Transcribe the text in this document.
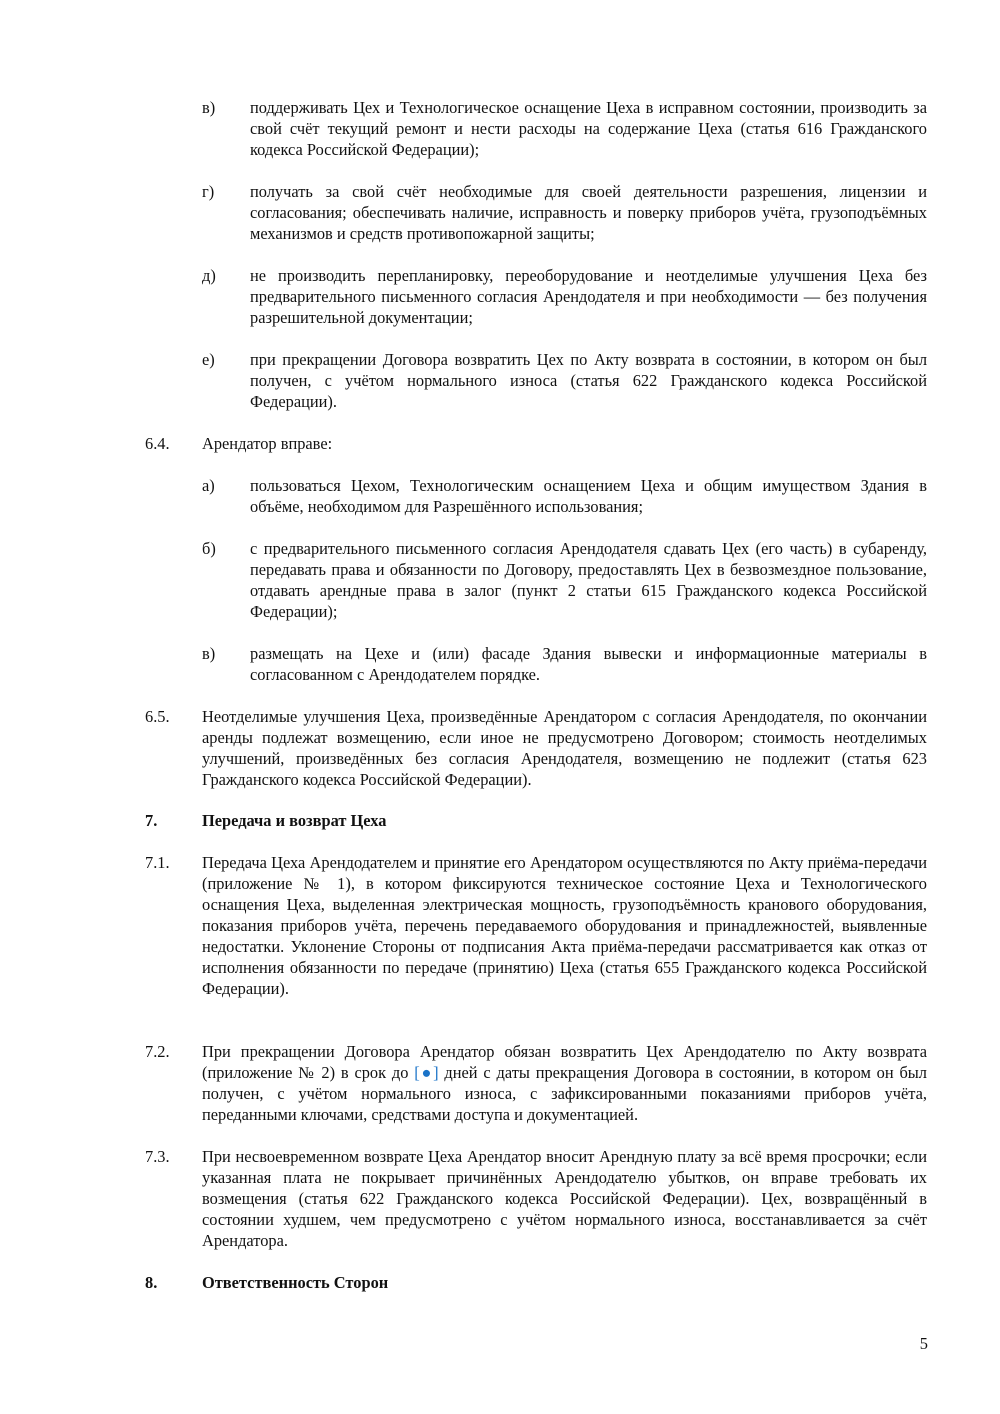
в)	поддерживать Цех и Технологическое оснащение Цеха в исправном состоянии, производить за свой счёт текущий ремонт и нести расходы на содержание Цеха (статья 616 Гражданского кодекса Российской Федерации);
г)	получать за свой счёт необходимые для своей деятельности разрешения, лицензии и согласования; обеспечивать наличие, исправность и поверку приборов учёта, грузоподъёмных механизмов и средств противопожарной защиты;
д)	не производить перепланировку, переоборудование и неотделимые улучшения Цеха без предварительного письменного согласия Арендодателя и при необходимости — без получения разрешительной документации;
е)	при прекращении Договора возвратить Цех по Акту возврата в состоянии, в котором он был получен, с учётом нормального износа (статья 622 Гражданского кодекса Российской Федерации).
6.4.	Арендатор вправе:
а)	пользоваться Цехом, Технологическим оснащением Цеха и общим имуществом Здания в объёме, необходимом для Разрешённого использования;
б)	с предварительного письменного согласия Арендодателя сдавать Цех (его часть) в субаренду, передавать права и обязанности по Договору, предоставлять Цех в безвозмездное пользование, отдавать арендные права в залог (пункт 2 статьи 615 Гражданского кодекса Российской Федерации);
в)	размещать на Цехе и (или) фасаде Здания вывески и информационные материалы в согласованном с Арендодателем порядке.
6.5.	Неотделимые улучшения Цеха, произведённые Арендатором с согласия Арендодателя, по окончании аренды подлежат возмещению, если иное не предусмотрено Договором; стоимость неотделимых улучшений, произведённых без согласия Арендодателя, возмещению не подлежит (статья 623 Гражданского кодекса Российской Федерации).
7.	Передача и возврат Цеха
7.1.	Передача Цеха Арендодателем и принятие его Арендатором осуществляются по Акту приёма-передачи (приложение № 1), в котором фиксируются техническое состояние Цеха и Технологического оснащения Цеха, выделенная электрическая мощность, грузоподъёмность кранового оборудования, показания приборов учёта, перечень передаваемого оборудования и принадлежностей, выявленные недостатки. Уклонение Стороны от подписания Акта приёма-передачи рассматривается как отказ от исполнения обязанности по передаче (принятию) Цеха (статья 655 Гражданского кодекса Российской Федерации).
7.2.	При прекращении Договора Арендатор обязан возвратить Цех Арендодателю по Акту возврата (приложение № 2) в срок до [●] дней с даты прекращения Договора в состоянии, в котором он был получен, с учётом нормального износа, с зафиксированными показаниями приборов учёта, переданными ключами, средствами доступа и документацией.
7.3.	При несвоевременном возврате Цеха Арендатор вносит Арендную плату за всё время просрочки; если указанная плата не покрывает причинённых Арендодателю убытков, он вправе требовать их возмещения (статья 622 Гражданского кодекса Российской Федерации). Цех, возвращённый в состоянии худшем, чем предусмотрено с учётом нормального износа, восстанавливается за счёт Арендатора.
8.	Ответственность Сторон
5
